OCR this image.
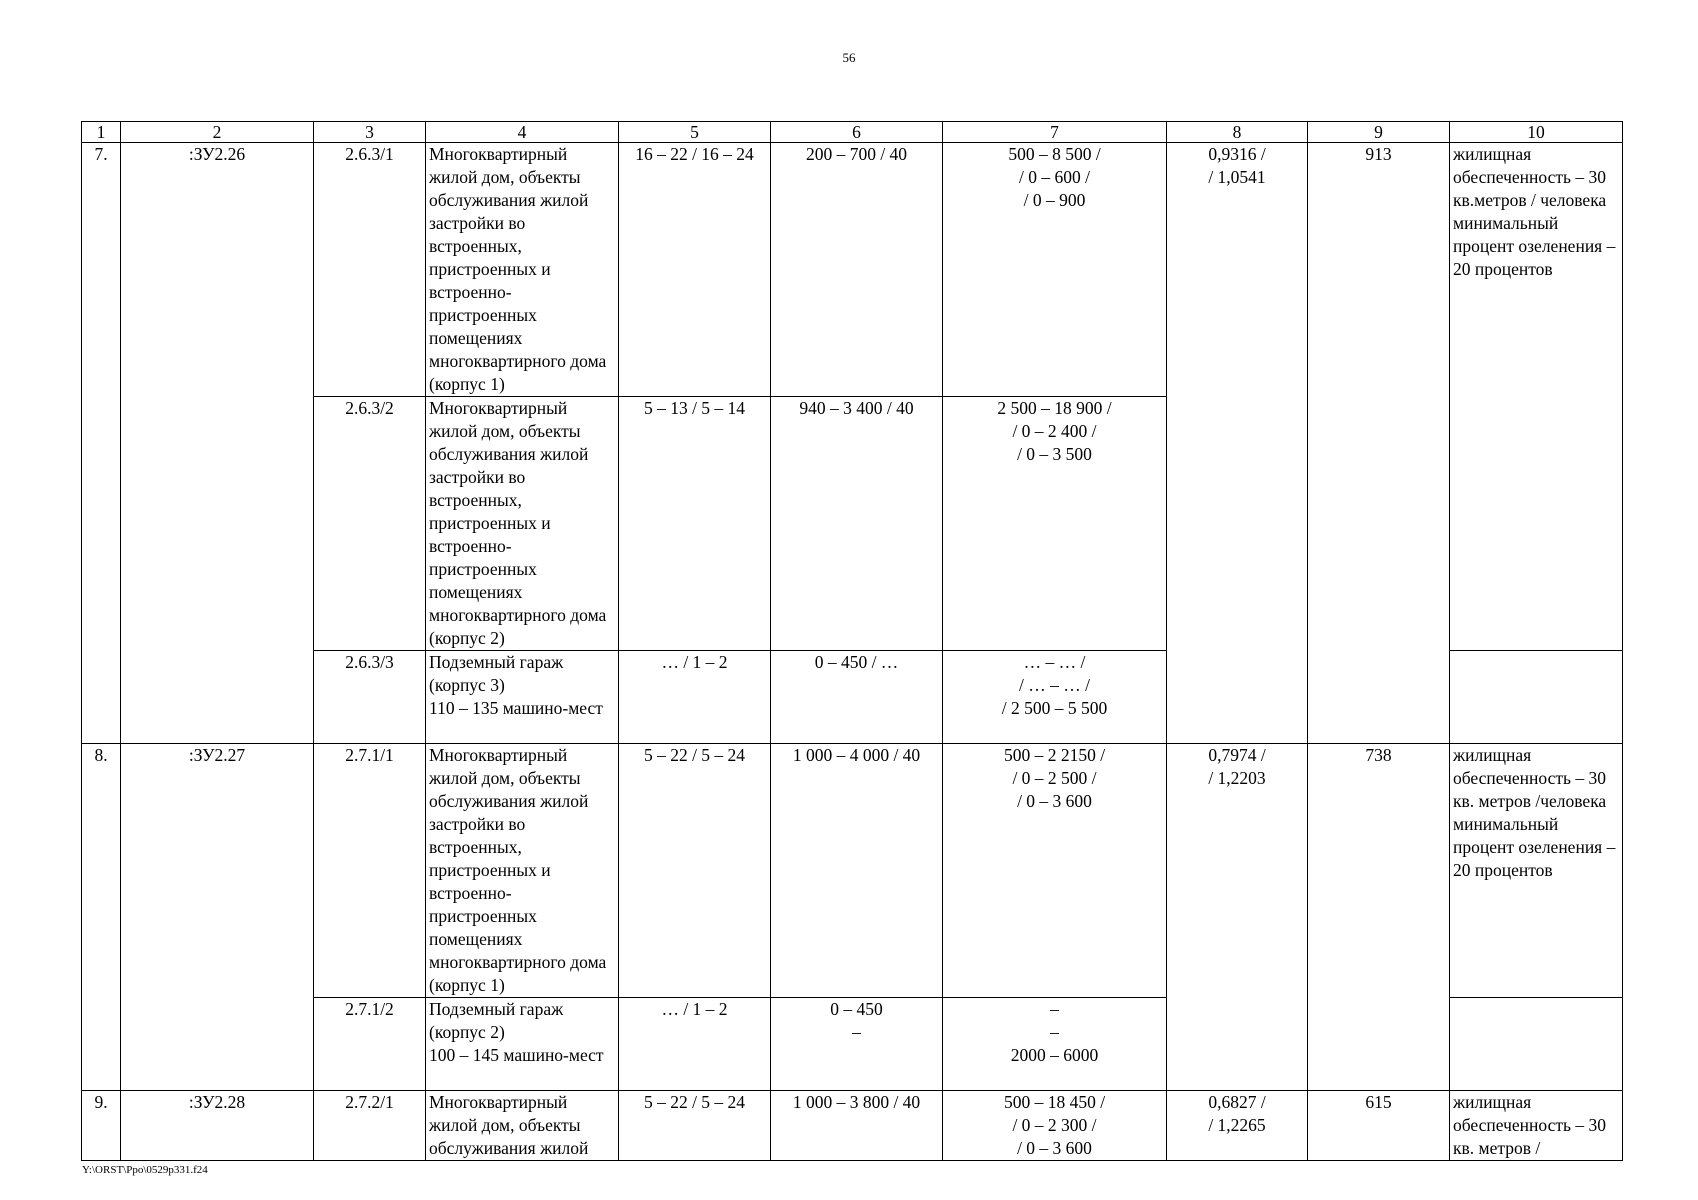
56
1	2	3	4	5	6	7	8	9	10
7.	:ЗУ2.26	2.6.3/1	Многоквартирный жилой дом, объекты обслуживания жилой застройки во встроенных, пристроенных и встроенно-пристроенных помещениях многоквартирного дома (корпус 1)	16 – 22 / 16 – 24	200 – 700 / 40	500 – 8 500 /
/ 0 – 600 /
/ 0 – 900	0,9316 /
/ 1,0541	913	жилищная обеспеченность – 30 кв.метров / человека минимальный процент озеленения – 20 процентов
		2.6.3/2	Многоквартирный жилой дом, объекты обслуживания жилой застройки во встроенных, пристроенных и встроенно-пристроенных помещениях многоквартирного дома (корпус 2)	5 – 13 / 5 – 14	940 – 3 400 / 40	2 500 – 18 900 /
/ 0 – 2 400 /
/ 0 – 3 500			
		2.6.3/3	Подземный гараж (корпус 3)
110 – 135 машино-мест	… / 1 – 2	0 – 450 / …	… – … /
/ … – … /
/ 2 500 – 5 500			
8.	:ЗУ2.27	2.7.1/1	Многоквартирный жилой дом, объекты обслуживания жилой застройки во встроенных, пристроенных и встроенно-пристроенных помещениях многоквартирного дома (корпус 1)	5 – 22 / 5 – 24	1 000 – 4 000 / 40	500 – 2 2150 /
/ 0 – 2 500 /
/ 0 – 3 600	0,7974 /
/ 1,2203	738	жилищная обеспеченность – 30 кв. метров /человека минимальный процент озеленения – 20 процентов
		2.7.1/2	Подземный гараж (корпус 2)
100 – 145 машино-мест	… / 1 – 2	0 – 450
–	–
–
2000 – 6000			
9.	:ЗУ2.28	2.7.2/1	Многоквартирный жилой дом, объекты обслуживания жилой	5 – 22 / 5 – 24	1 000 – 3 800 / 40	500 – 18 450 /
/ 0 – 2 300 /
/ 0 – 3 600	0,6827 /
/ 1,2265	615	жилищная обеспеченность – 30 кв. метров /
Y:\ORST\Ppo\0529p331.f24
